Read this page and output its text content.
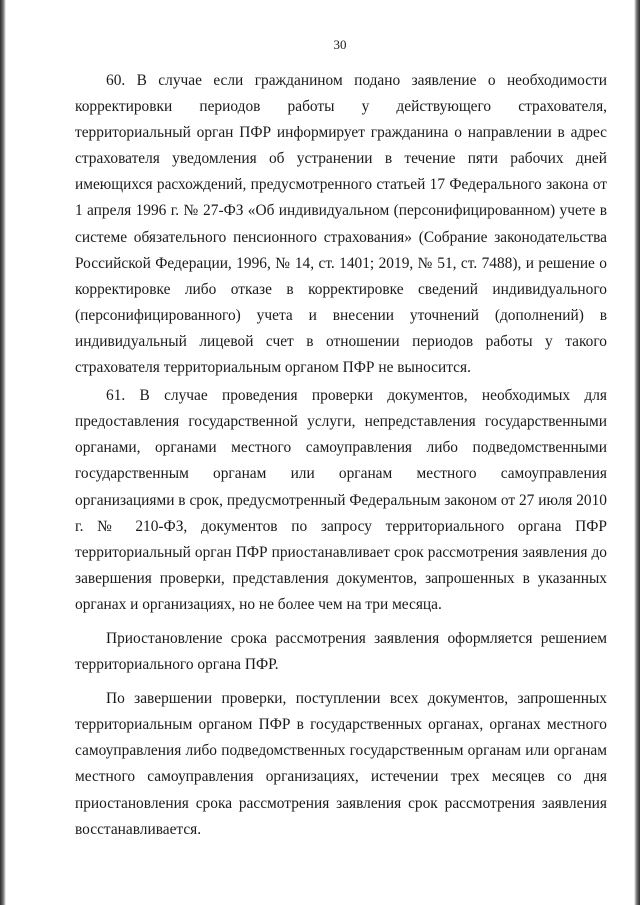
30

60. В случае если гражданином подано заявление о необходимости корректировки периодов работы у действующего страхователя, территориальный орган ПФР информирует гражданина о направлении в адрес страхователя уведомления об устранении в течение пяти рабочих дней имеющихся расхождений, предусмотренного статьей 17 Федерального закона от 1 апреля 1996 г. № 27-ФЗ «Об индивидуальном (персонифицированном) учете в системе обязательного пенсионного страхования» (Собрание законодательства Российской Федерации, 1996, № 14, ст. 1401; 2019, № 51, ст. 7488), и решение о корректировке либо отказе в корректировке сведений индивидуального (персонифицированного) учета и внесении уточнений (дополнений) в индивидуальный лицевой счет в отношении периодов работы у такого страхователя территориальным органом ПФР не выносится.

61. В случае проведения проверки документов, необходимых для предоставления государственной услуги, непредставления государственными органами, органами местного самоуправления либо подведомственными государственным органам или органам местного самоуправления организациями в срок, предусмотренный Федеральным законом от 27 июля 2010 г. № 210-ФЗ, документов по запросу территориального органа ПФР территориальный орган ПФР приостанавливает срок рассмотрения заявления до завершения проверки, представления документов, запрошенных в указанных органах и организациях, но не более чем на три месяца.

Приостановление срока рассмотрения заявления оформляется решением территориального органа ПФР.

По завершении проверки, поступлении всех документов, запрошенных территориальным органом ПФР в государственных органах, органах местного самоуправления либо подведомственных государственным органам или органам местного самоуправления организациях, истечении трех месяцев со дня приостановления срока рассмотрения заявления срок рассмотрения заявления восстанавливается.
